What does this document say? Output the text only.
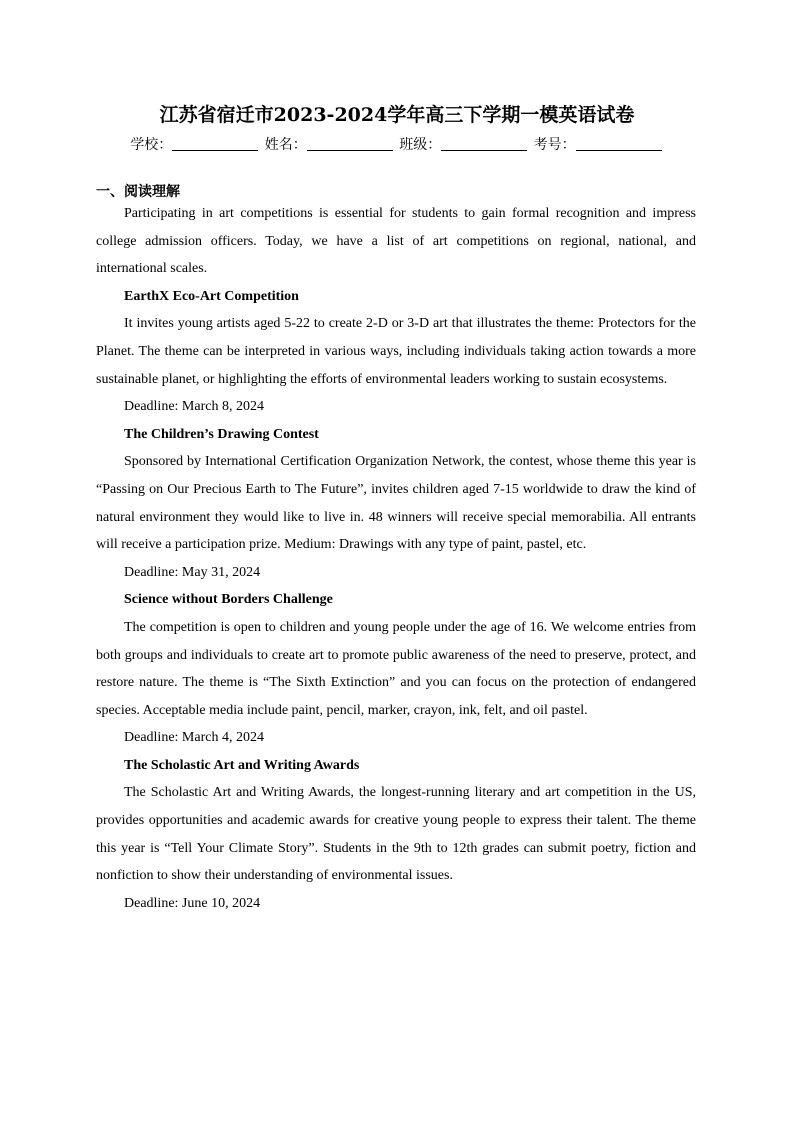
江苏省宿迁市2023-2024学年高三下学期一模英语试卷
学校：	姓名：	班级：	考号：
一、阅读理解

Participating in art competitions is essential for students to gain formal recognition and impress college admission officers. Today, we have a list of art competitions on regional, national, and international scales.

EarthX Eco-Art Competition

It invites young artists aged 5-22 to create 2-D or 3-D art that illustrates the theme: Protectors for the Planet. The theme can be interpreted in various ways, including individuals taking action towards a more sustainable planet, or highlighting the efforts of environmental leaders working to sustain ecosystems.

Deadline: March 8, 2024

The Children’s Drawing Contest

Sponsored by International Certification Organization Network, the contest, whose theme this year is “Passing on Our Precious Earth to The Future”, invites children aged 7-15 worldwide to draw the kind of natural environment they would like to live in. 48 winners will receive special memorabilia. All entrants will receive a participation prize. Medium: Drawings with any type of paint, pastel, etc.

Deadline: May 31, 2024

Science without Borders Challenge

The competition is open to children and young people under the age of 16. We welcome entries from both groups and individuals to create art to promote public awareness of the need to preserve, protect, and restore nature. The theme is “The Sixth Extinction” and you can focus on the protection of endangered species. Acceptable media include paint, pencil, marker, crayon, ink, felt, and oil pastel.

Deadline: March 4, 2024

The Scholastic Art and Writing Awards

The Scholastic Art and Writing Awards, the longest-running literary and art competition in the US, provides opportunities and academic awards for creative young people to express their talent. The theme this year is “Tell Your Climate Story”. Students in the 9th to 12th grades can submit poetry, fiction and nonfiction to show their understanding of environmental issues.

Deadline: June 10, 2024
